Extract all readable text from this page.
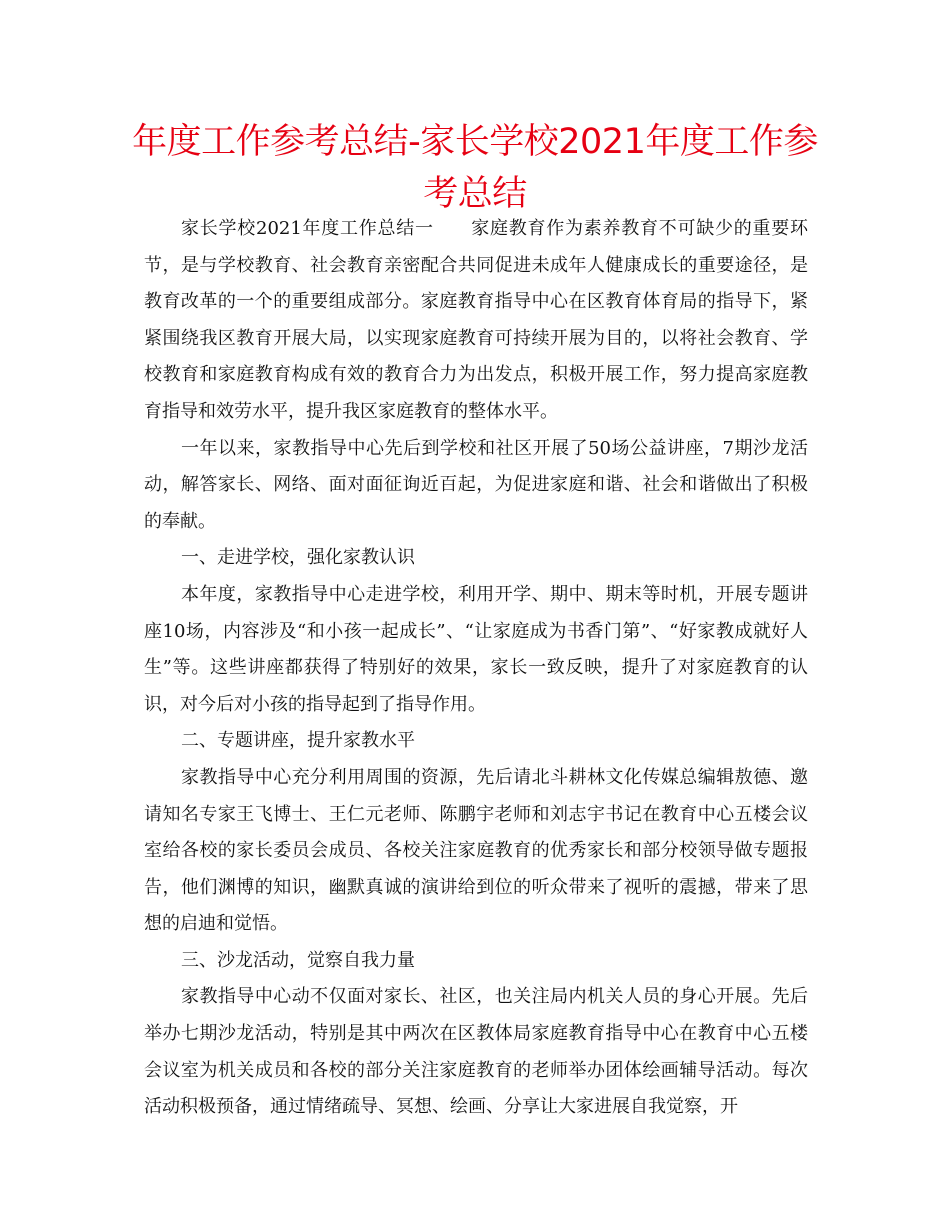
年度工作参考总结-家长学校2021年度工作参考总结

家长学校2021年度工作总结一　　家庭教育作为素养教育不可缺少的重要环节，是与学校教育、社会教育亲密配合共同促进未成年人健康成长的重要途径，是教育改革的一个的重要组成部分。家庭教育指导中心在区教育体育局的指导下，紧紧围绕我区教育开展大局，以实现家庭教育可持续开展为目的，以将社会教育、学校教育和家庭教育构成有效的教育合力为出发点，积极开展工作，努力提高家庭教育指导和效劳水平，提升我区家庭教育的整体水平。

一年以来，家教指导中心先后到学校和社区开展了50场公益讲座，7期沙龙活动，解答家长、网络、面对面征询近百起，为促进家庭和谐、社会和谐做出了积极的奉献。

一、走进学校，强化家教认识

本年度，家教指导中心走进学校，利用开学、期中、期末等时机，开展专题讲座10场，内容涉及“和小孩一起成长”、“让家庭成为书香门第”、“好家教成就好人生”等。这些讲座都获得了特别好的效果，家长一致反映，提升了对家庭教育的认识，对今后对小孩的指导起到了指导作用。

二、专题讲座，提升家教水平

家教指导中心充分利用周围的资源，先后请北斗耕林文化传媒总编辑敖德、邀请知名专家王飞博士、王仁元老师、陈鹏宇老师和刘志宇书记在教育中心五楼会议室给各校的家长委员会成员、各校关注家庭教育的优秀家长和部分校领导做专题报告，他们渊博的知识，幽默真诚的演讲给到位的听众带来了视听的震撼，带来了思想的启迪和觉悟。

三、沙龙活动，觉察自我力量

家教指导中心动不仅面对家长、社区，也关注局内机关人员的身心开展。先后举办七期沙龙活动，特别是其中两次在区教体局家庭教育指导中心在教育中心五楼会议室为机关成员和各校的部分关注家庭教育的老师举办团体绘画辅导活动。每次活动积极预备，通过情绪疏导、冥想、绘画、分享让大家进展自我觉察，开
